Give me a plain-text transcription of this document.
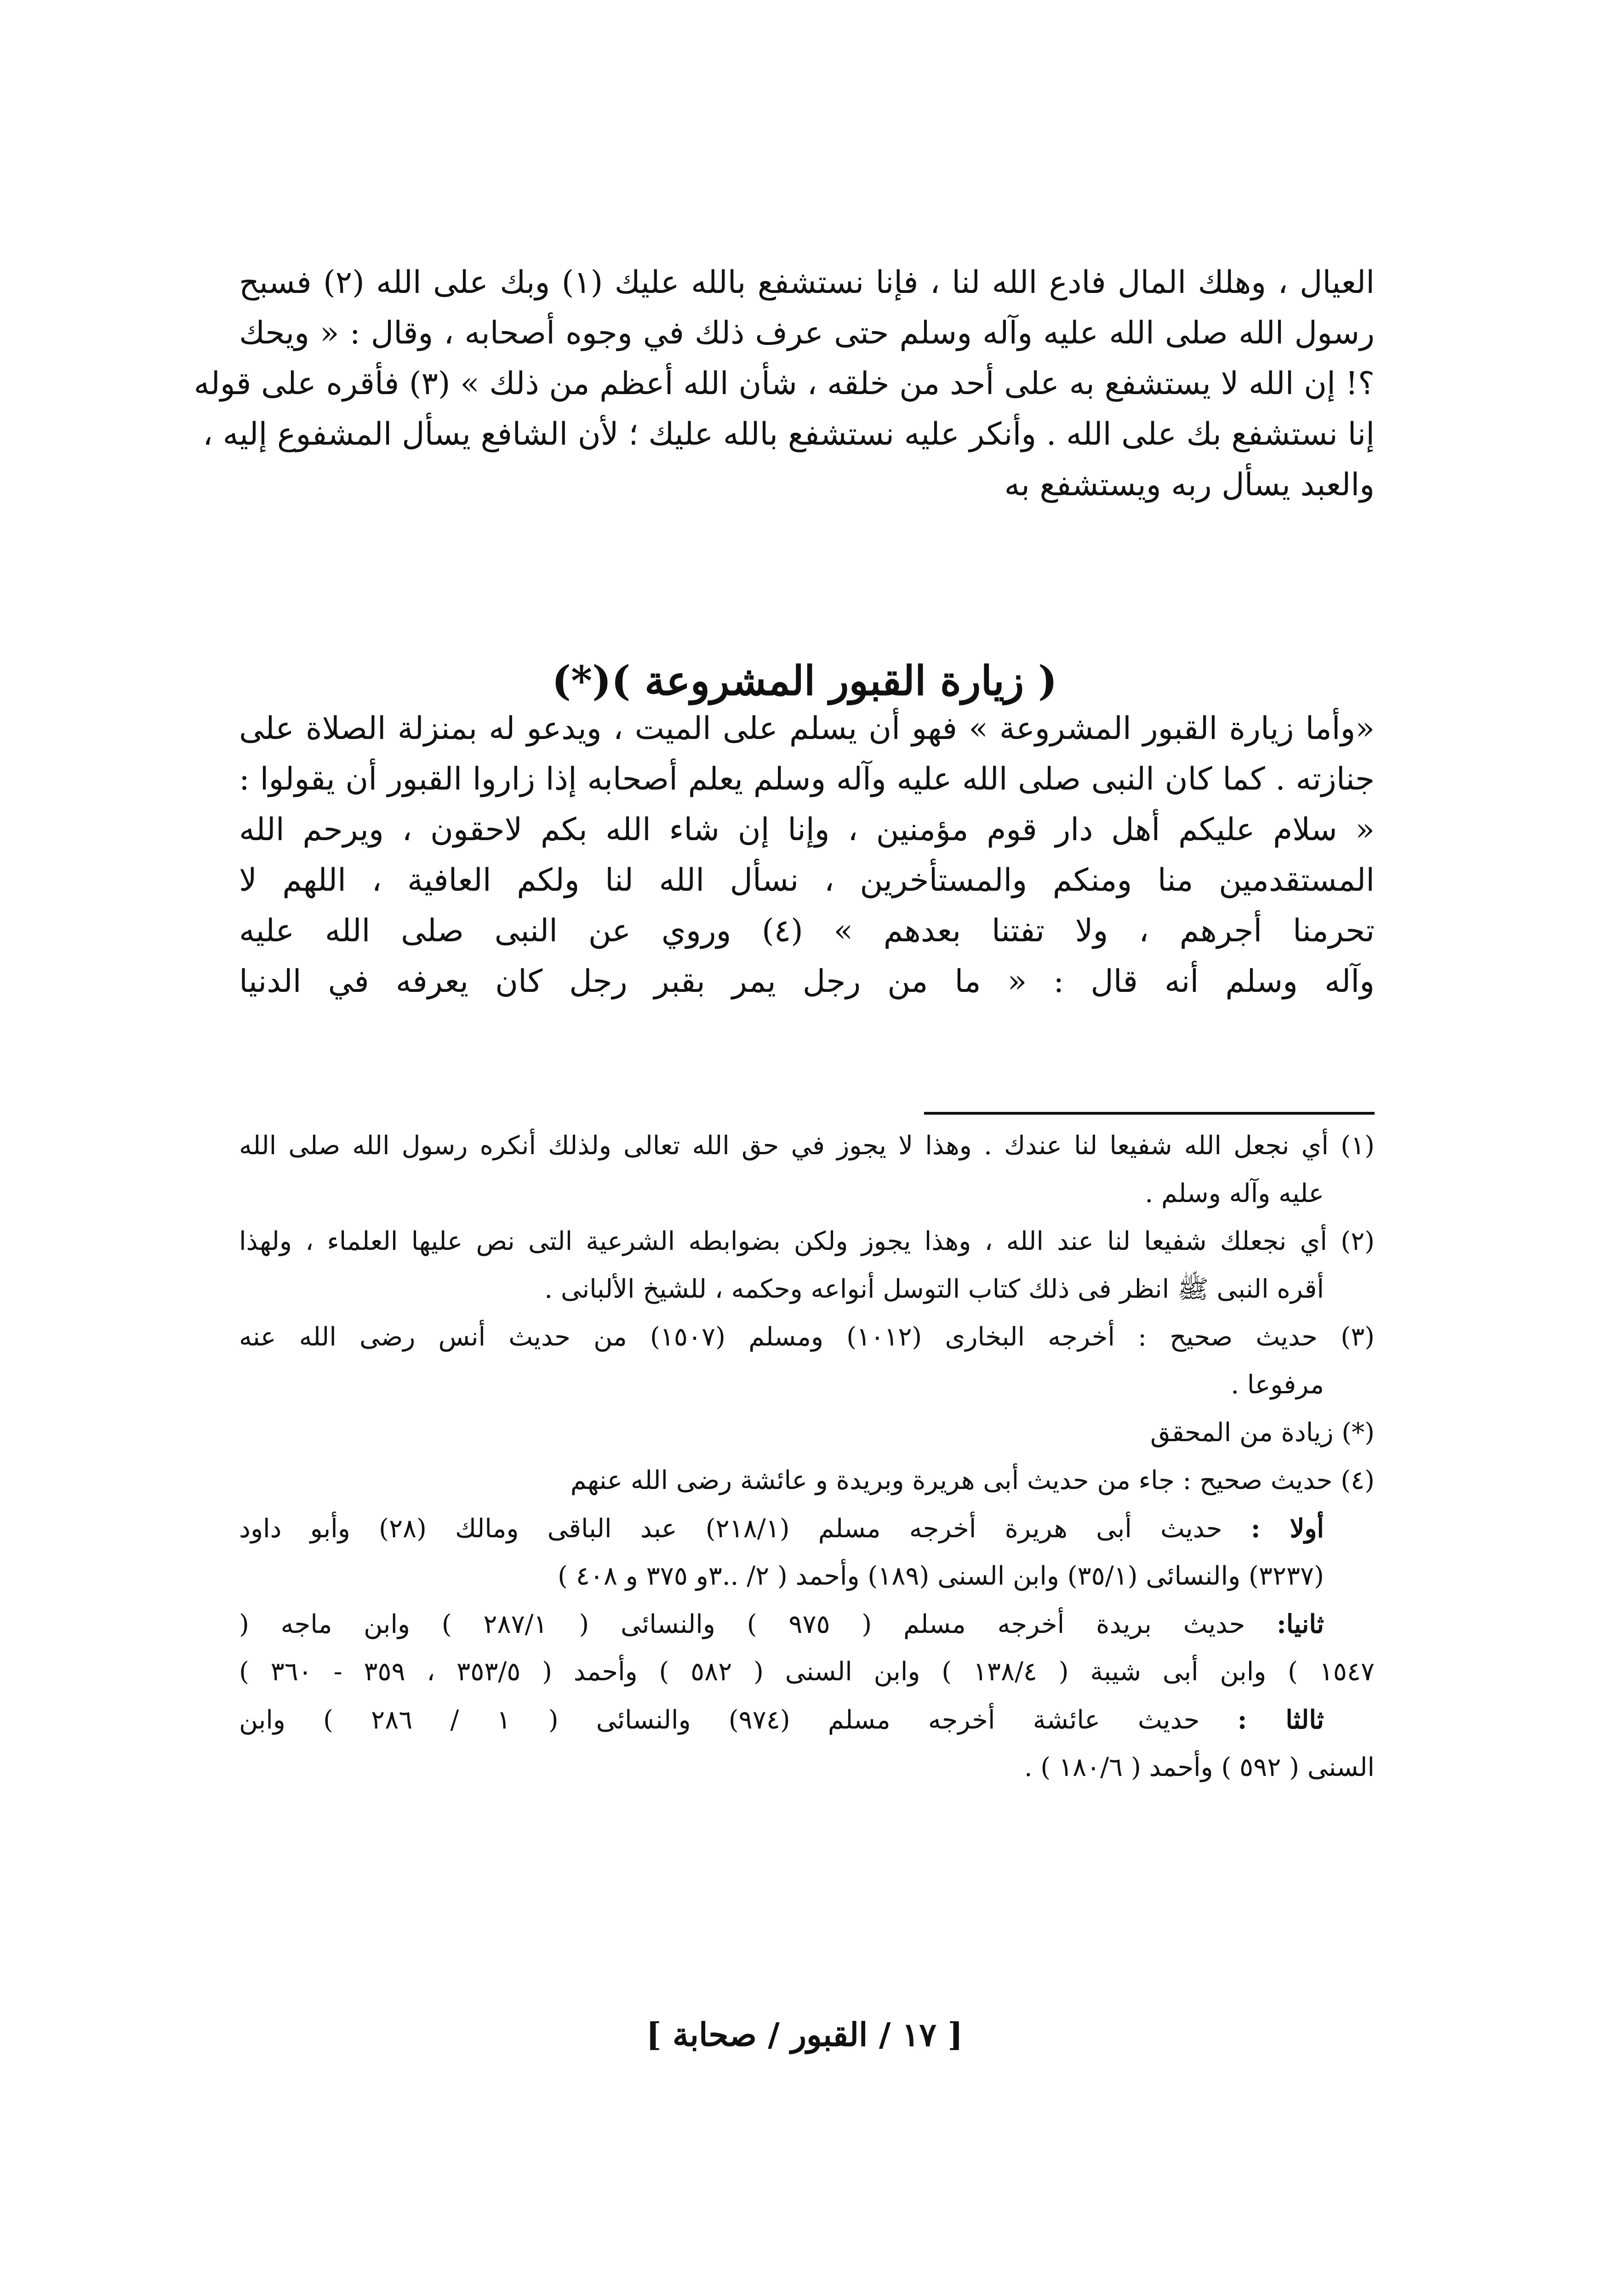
العيال ، وهلك المال فادع الله لنا ، فإنا نستشفع بالله عليك (١) وبك على الله (٢) فسبح
رسول الله صلى الله عليه وآله وسلم حتى عرف ذلك في وجوه أصحابه ، وقال : « ويحك
؟! إن الله لا يستشفع به على أحد من خلقه ، شأن الله أعظم من ذلك » (٣) فأقره على قوله
إنا نستشفع بك على الله . وأنكر عليه نستشفع بالله عليك ؛ لأن الشافع يسأل المشفوع إليه ،
والعبد يسأل ربه ويستشفع به
( زيارة القبور المشروعة )(*)
«وأما زيارة القبور المشروعة » فهو أن يسلم على الميت ، ويدعو له بمنزلة الصلاة على
جنازته . كما كان النبى صلى الله عليه وآله وسلم يعلم أصحابه إذا زاروا القبور أن يقولوا :
« سلام عليكم أهل دار قوم مؤمنين ، وإنا إن شاء الله بكم لاحقون ، ويرحم الله
المستقدمين منا ومنكم والمستأخرين ، نسأل الله لنا ولكم العافية ، اللهم لا
تحرمنا أجرهم ، ولا تفتنا بعدهم » (٤) وروي عن النبى صلى الله عليه
وآله وسلم أنه قال : « ما من رجل يمر بقبر رجل كان يعرفه في الدنيا
(١) أي نجعل الله شفيعا لنا عندك . وهذا لا يجوز في حق الله تعالى ولذلك أنكره رسول الله صلى الله
عليه وآله وسلم .
(٢) أي نجعلك شفيعا لنا عند الله ، وهذا يجوز ولكن بضوابطه الشرعية التى نص عليها العلماء ، ولهذا
أقره النبى ﷺ انظر فى ذلك كتاب التوسل أنواعه وحكمه ، للشيخ الألبانى .
(٣) حديث صحيح : أخرجه البخارى (١٠١٢) ومسلم (١٥٠٧) من حديث أنس رضى الله عنه
مرفوعا .
(*) زيادة من المحقق
(٤) حديث صحيح : جاء من حديث أبى هريرة وبريدة و عائشة رضى الله عنهم
أولا : حديث أبى هريرة أخرجه مسلم (٢١٨/١) عبد الباقى ومالك (٢٨) وأبو داود
(٣٢٣٧) والنسائى (٣٥/١) وابن السنى (١٨٩) وأحمد ( ٢/ ..٣و ٣٧٥ و ٤٠٨ )
ثانيا: حديث بريدة أخرجه مسلم ( ٩٧٥ ) والنسائى ( ٢٨٧/١ ) وابن ماجه (
١٥٤٧ ) وابن أبى شيبة ( ١٣٨/٤ ) وابن السنى ( ٥٨٢ ) وأحمد ( ٣٥٣/٥ ، ٣٥٩ - ٣٦٠ )
ثالثا : حديث عائشة أخرجه مسلم (٩٧٤) والنسائى ( ١ / ٢٨٦ ) وابن
السنى ( ٥٩٢ ) وأحمد ( ١٨٠/٦ ) .
[ ١٧ / القبور / صحابة ]
